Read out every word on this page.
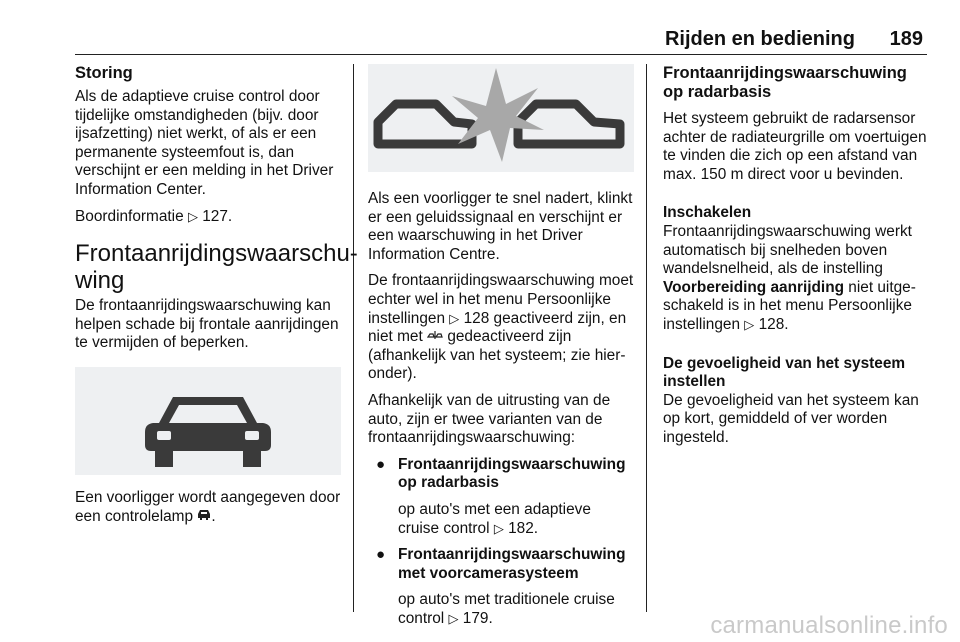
Rijden en bediening 189
Storing

Als de adaptieve cruise control door tijdelijke omstandigheden (bijv. door ijsafzetting) niet werkt, of als er een permanente systeemfout is, dan verschijnt er een melding in het Driver Information Center.

Boordinformatie ▷ 127.

Frontaanrijdingswaarschu-
wing

De frontaanrijdingswaarschuwing kan helpen schade bij frontale aanrijdingen te vermijden of beperken.

Een voorligger wordt aangegeven door een controlelamp .

Als een voorligger te snel nadert, klinkt er een geluidssignaal en verschijnt er een waarschuwing in het Driver Information Centre.

De frontaanrijdingswaarschuwing moet echter wel in het menu Persoonlijke instellingen ▷ 128 geactiveerd zijn, en niet met gedeactiveerd zijn (afhankelijk van het systeem; zie hieronder).

Afhankelijk van de uitrusting van de auto, zijn er twee varianten van de frontaanrijdingswaarschuwing:

● Frontaanrijdingswaarschuwing op radarbasis

op auto's met een adaptieve cruise control ▷ 182.

● Frontaanrijdingswaarschuwing met voorcamerasysteem

op auto's met traditionele cruise control ▷ 179.

Frontaanrijdingswaarschuwing op radarbasis

Het systeem gebruikt de radarsensor achter de radiateurgrille om voertuigen te vinden die zich op een afstand van max. 150 m direct voor u bevinden.

Inschakelen

Frontaanrijdingswaarschuwing werkt automatisch bij snelheden boven wandelsnelheid, als de instelling Voorbereiding aanrijding niet uitgeschakeld is in het menu Persoonlijke instellingen ▷ 128.

De gevoeligheid van het systeem instellen

De gevoeligheid van het systeem kan op kort, gemiddeld of ver worden ingesteld.

carmanualsonline.info
